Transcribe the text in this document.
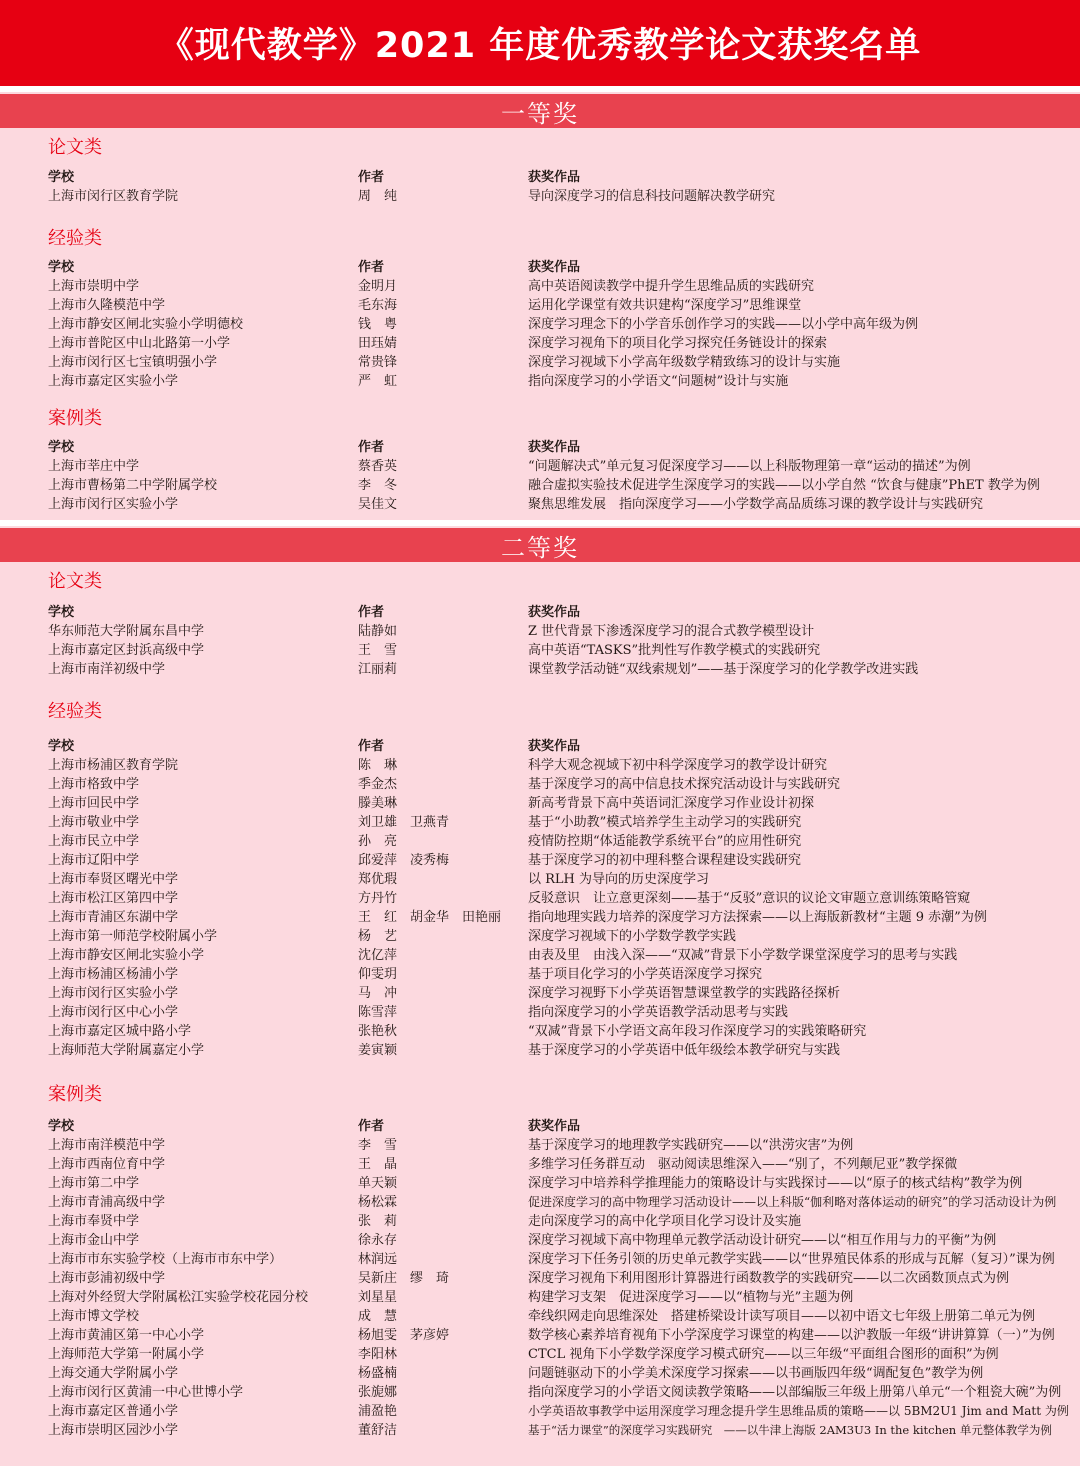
《现代教学》2021 年度优秀教学论文获奖名单
一等奖
论文类
学校	作者	获奖作品
上海市闵行区教育学院	周　纯	导向深度学习的信息科技问题解决教学研究
经验类
学校	作者	获奖作品
上海市崇明中学	金明月	高中英语阅读教学中提升学生思维品质的实践研究
上海市久隆模范中学	毛东海	运用化学课堂有效共识建构“深度学习”思维课堂
上海市静安区闸北实验小学明德校	钱　粤	深度学习理念下的小学音乐创作学习的实践——以小学中高年级为例
上海市普陀区中山北路第一小学	田珏婧	深度学习视角下的项目化学习探究任务链设计的探索
上海市闵行区七宝镇明强小学	常贵锋	深度学习视域下小学高年级数学精致练习的设计与实施
上海市嘉定区实验小学	严　虹	指向深度学习的小学语文“问题树”设计与实施
案例类
学校	作者	获奖作品
上海市莘庄中学	蔡香英	“问题解决式”单元复习促深度学习——以上科版物理第一章“运动的描述”为例
上海市曹杨第二中学附属学校	李　冬	融合虚拟实验技术促进学生深度学习的实践——以小学自然 “饮食与健康”PhET 教学为例
上海市闵行区实验小学	吴佳文	聚焦思维发展　指向深度学习——小学数学高品质练习课的教学设计与实践研究
二等奖
论文类
学校	作者	获奖作品
华东师范大学附属东昌中学	陆静如	Z 世代背景下渗透深度学习的混合式教学模型设计
上海市嘉定区封浜高级中学	王　雪	高中英语“TASKS”批判性写作教学模式的实践研究
上海市南洋初级中学	江丽莉	课堂教学活动链“双线索规划”——基于深度学习的化学教学改进实践
经验类
学校	作者	获奖作品
上海市杨浦区教育学院	陈　琳	科学大观念视域下初中科学深度学习的教学设计研究
上海市格致中学	季金杰	基于深度学习的高中信息技术探究活动设计与实践研究
上海市回民中学	滕美琳	新高考背景下高中英语词汇深度学习作业设计初探
上海市敬业中学	刘卫雄　卫燕青	基于“小助教”模式培养学生主动学习的实践研究
上海市民立中学	孙　亮	疫情防控期“体适能教学系统平台”的应用性研究
上海市辽阳中学	邱爱萍　凌秀梅	基于深度学习的初中理科整合课程建设实践研究
上海市奉贤区曙光中学	郑优瑕	以 RLH 为导向的历史深度学习
上海市松江区第四中学	方丹竹	反驳意识　让立意更深刻——基于“反驳”意识的议论文审题立意训练策略管窥
上海市青浦区东湖中学	王　红　胡金华　田艳丽 指向地理实践力培养的深度学习方法探索——以上海版新教材“主题 9 赤潮”为例
上海市第一师范学校附属小学	杨　艺	深度学习视域下的小学数学教学实践
上海市静安区闸北实验小学	沈亿萍	由表及里　由浅入深——“双减”背景下小学数学课堂深度学习的思考与实践
上海市杨浦区杨浦小学	仰雯玥	基于项目化学习的小学英语深度学习探究
上海市闵行区实验小学	马　冲	深度学习视野下小学英语智慧课堂教学的实践路径探析
上海市闵行区中心小学	陈雪萍	指向深度学习的小学英语教学活动思考与实践
上海市嘉定区城中路小学	张艳秋	“双减”背景下小学语文高年段习作深度学习的实践策略研究
上海师范大学附属嘉定小学	姜寅颖	基于深度学习的小学英语中低年级绘本教学研究与实践
案例类
学校	作者	获奖作品
上海市南洋模范中学	李　雪	基于深度学习的地理教学实践研究——以“洪涝灾害”为例
上海市西南位育中学	王　晶	多维学习任务群互动　驱动阅读思维深入——“别了，不列颠尼亚”教学探微
上海市第二中学	单天颖	深度学习中培养科学推理能力的策略设计与实践探讨——以“原子的核式结构”教学为例
上海市青浦高级中学	杨松霖	促进深度学习的高中物理学习活动设计——以上科版“伽利略对落体运动的研究”的学习活动设计为例
上海市奉贤中学	张　莉	走向深度学习的高中化学项目化学习设计及实施
上海市金山中学	徐永存	深度学习视域下高中物理单元教学活动设计研究——以“相互作用与力的平衡”为例
上海市市东实验学校（上海市市东中学）	林润远	深度学习下任务引领的历史单元教学实践——以“世界殖民体系的形成与瓦解（复习）”课为例
上海市彭浦初级中学	吴新庄　缪　琦	深度学习视角下利用图形计算器进行函数教学的实践研究——以二次函数顶点式为例
上海对外经贸大学附属松江实验学校花园分校	刘星星	构建学习支架　促进深度学习——以“植物与光”主题为例
上海市博文学校	成　慧	牵线织网走向思维深处　搭建桥梁设计读写项目——以初中语文七年级上册第二单元为例
上海市黄浦区第一中心小学	杨旭雯　茅彦婷	数学核心素养培育视角下小学深度学习课堂的构建——以沪教版一年级“讲讲算算（一）”为例
上海师范大学第一附属小学	李阳林	CTCL 视角下小学数学深度学习模式研究——以三年级“平面组合图形的面积”为例
上海交通大学附属小学	杨盛楠	问题链驱动下的小学美术深度学习探索——以书画版四年级“调配复色”教学为例
上海市闵行区黄浦一中心世博小学	张旎娜	指向深度学习的小学语文阅读教学策略——以部编版三年级上册第八单元“一个粗瓷大碗”为例
上海市嘉定区普通小学	浦盈艳	小学英语故事教学中运用深度学习理念提升学生思维品质的策略——以 5BM2U1 Jim and Matt 为例
上海市崇明区园沙小学	董舒洁	基于“活力课堂”的深度学习实践研究　——以牛津上海版 2AM3U3 In the kitchen 单元整体教学为例
